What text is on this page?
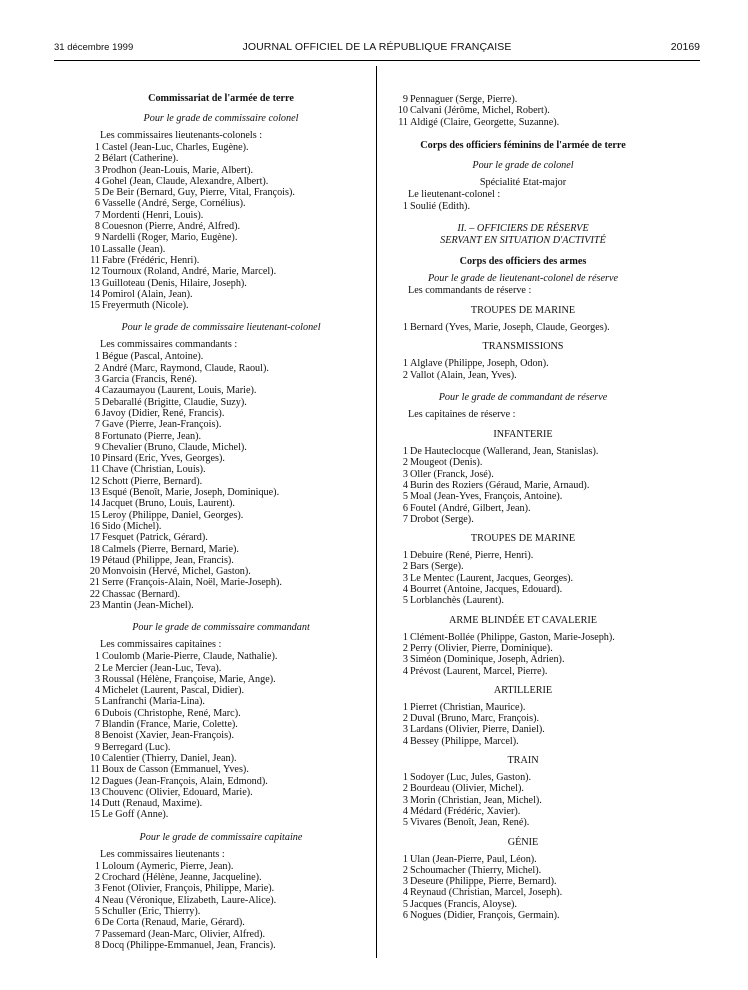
31 décembre 1999	JOURNAL OFFICIEL DE LA RÉPUBLIQUE FRANÇAISE	20169
Commissariat de l'armée de terre
Pour le grade de commissaire colonel
Les commissaires lieutenants-colonels :
1 Castel (Jean-Luc, Charles, Eugène).
2 Bélart (Catherine).
3 Prodhon (Jean-Louis, Marie, Albert).
4 Gohel (Jean, Claude, Alexandre, Albert).
5 De Beir (Bernard, Guy, Pierre, Vital, François).
6 Vasselle (André, Serge, Cornélius).
7 Mordenti (Henri, Louis).
8 Couesnon (Pierre, André, Alfred).
9 Nardelli (Roger, Mario, Eugène).
10 Lassalle (Jean).
11 Fabre (Frédéric, Henri).
12 Tournoux (Roland, André, Marie, Marcel).
13 Guilloteau (Denis, Hilaire, Joseph).
14 Pomirol (Alain, Jean).
15 Freyermuth (Nicole).
Pour le grade de commissaire lieutenant-colonel
Les commissaires commandants :
1 Bégue (Pascal, Antoine).
2 André (Marc, Raymond, Claude, Raoul).
3 Garcia (Francis, René).
4 Cazaumayou (Laurent, Louis, Marie).
5 Debarallé (Brigitte, Claudie, Suzy).
6 Javoy (Didier, René, Francis).
7 Gave (Pierre, Jean-François).
8 Fortunato (Pierre, Jean).
9 Chevalier (Bruno, Claude, Michel).
10 Pinsard (Eric, Yves, Georges).
11 Chave (Christian, Louis).
12 Schott (Pierre, Bernard).
13 Esqué (Benoît, Marie, Joseph, Dominique).
14 Jacquet (Bruno, Louis, Laurent).
15 Leroy (Philippe, Daniel, Georges).
16 Sido (Michel).
17 Fesquet (Patrick, Gérard).
18 Calmels (Pierre, Bernard, Marie).
19 Pétaud (Philippe, Jean, Francis).
20 Monvoisin (Hervé, Michel, Gaston).
21 Serre (François-Alain, Noël, Marie-Joseph).
22 Chassac (Bernard).
23 Mantin (Jean-Michel).
Pour le grade de commissaire commandant
Les commissaires capitaines :
1 Coulomb (Marie-Pierre, Claude, Nathalie).
2 Le Mercier (Jean-Luc, Teva).
3 Roussal (Hélène, Françoise, Marie, Ange).
4 Michelet (Laurent, Pascal, Didier).
5 Lanfranchi (Maria-Lina).
6 Dubois (Christophe, René, Marc).
7 Blandin (France, Marie, Colette).
8 Benoist (Xavier, Jean-François).
9 Berregard (Luc).
10 Calentier (Thierry, Daniel, Jean).
11 Boux de Casson (Emmanuel, Yves).
12 Dagues (Jean-François, Alain, Edmond).
13 Chouvenc (Olivier, Edouard, Marie).
14 Dutt (Renaud, Maxime).
15 Le Goff (Anne).
Pour le grade de commissaire capitaine
Les commissaires lieutenants :
1 Loloum (Aymeric, Pierre, Jean).
2 Crochard (Hélène, Jeanne, Jacqueline).
3 Fenot (Olivier, François, Philippe, Marie).
4 Neau (Véronique, Elizabeth, Laure-Alice).
5 Schuller (Eric, Thierry).
6 De Corta (Renaud, Marie, Gérard).
7 Passemard (Jean-Marc, Olivier, Alfred).
8 Docq (Philippe-Emmanuel, Jean, Francis).
9 Pennaguer (Serge, Pierre).
10 Calvani (Jérôme, Michel, Robert).
11 Aldigé (Claire, Georgette, Suzanne).
Corps des officiers féminins de l'armée de terre
Pour le grade de colonel
Spécialité Etat-major
Le lieutenant-colonel :
1 Soulié (Edith).
II. – OFFICIERS DE RÉSERVE
SERVANT EN SITUATION D'ACTIVITÉ
Corps des officiers des armes
Pour le grade de lieutenant-colonel de réserve
Les commandants de réserve :
TROUPES DE MARINE
1 Bernard (Yves, Marie, Joseph, Claude, Georges).
TRANSMISSIONS
1 Alglave (Philippe, Joseph, Odon).
2 Vallot (Alain, Jean, Yves).
Pour le grade de commandant de réserve
Les capitaines de réserve :
INFANTERIE
1 De Hauteclocque (Wallerand, Jean, Stanislas).
2 Mougeot (Denis).
3 Oller (Franck, José).
4 Burin des Roziers (Géraud, Marie, Arnaud).
5 Moal (Jean-Yves, François, Antoine).
6 Foutel (André, Gilbert, Jean).
7 Drobot (Serge).
TROUPES DE MARINE
1 Debuire (René, Pierre, Henri).
2 Bars (Serge).
3 Le Mentec (Laurent, Jacques, Georges).
4 Bourret (Antoine, Jacques, Edouard).
5 Lorblanchès (Laurent).
ARME BLINDÉE ET CAVALERIE
1 Clément-Bollée (Philippe, Gaston, Marie-Joseph).
2 Perry (Olivier, Pierre, Dominique).
3 Siméon (Dominique, Joseph, Adrien).
4 Prévost (Laurent, Marcel, Pierre).
ARTILLERIE
1 Pierret (Christian, Maurice).
2 Duval (Bruno, Marc, François).
3 Lardans (Olivier, Pierre, Daniel).
4 Bessey (Philippe, Marcel).
TRAIN
1 Sodoyer (Luc, Jules, Gaston).
2 Bourdeau (Olivier, Michel).
3 Morin (Christian, Jean, Michel).
4 Médard (Frédéric, Xavier).
5 Vivares (Benoît, Jean, René).
GÉNIE
1 Ulan (Jean-Pierre, Paul, Léon).
2 Schoumacher (Thierry, Michel).
3 Deseure (Philippe, Pierre, Bernard).
4 Reynaud (Christian, Marcel, Joseph).
5 Jacques (Francis, Aloyse).
6 Nogues (Didier, François, Germain).
